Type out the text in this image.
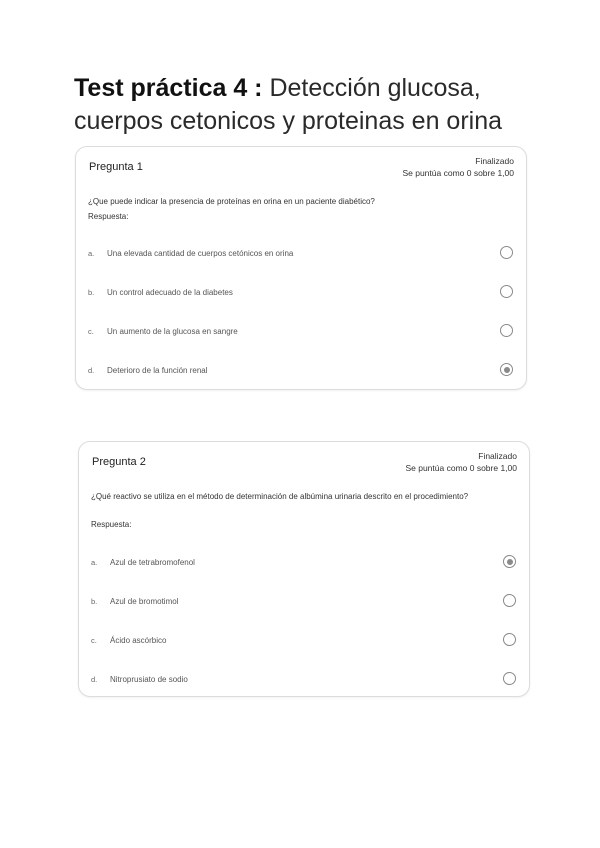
Test práctica 4 : Detección glucosa, cuerpos cetonicos y proteinas en orina
Pregunta 1	Finalizado
Se puntúa como 0 sobre 1,00
¿Que puede indicar la presencia de proteínas en orina en un paciente diabético?
Respuesta:
a. Una elevada cantidad de cuerpos cetónicos en orina
b. Un control adecuado de la diabetes
c. Un aumento de la glucosa en sangre
d. Deterioro de la función renal
Pregunta 2	Finalizado
Se puntúa como 0 sobre 1,00
¿Qué reactivo se utiliza en el método de determinación de albúmina urinaria descrito en el procedimiento?
Respuesta:
a. Azul de tetrabromofenol
b. Azul de bromotimol
c. Ácido ascórbico
d. Nitroprusiato de sodio
